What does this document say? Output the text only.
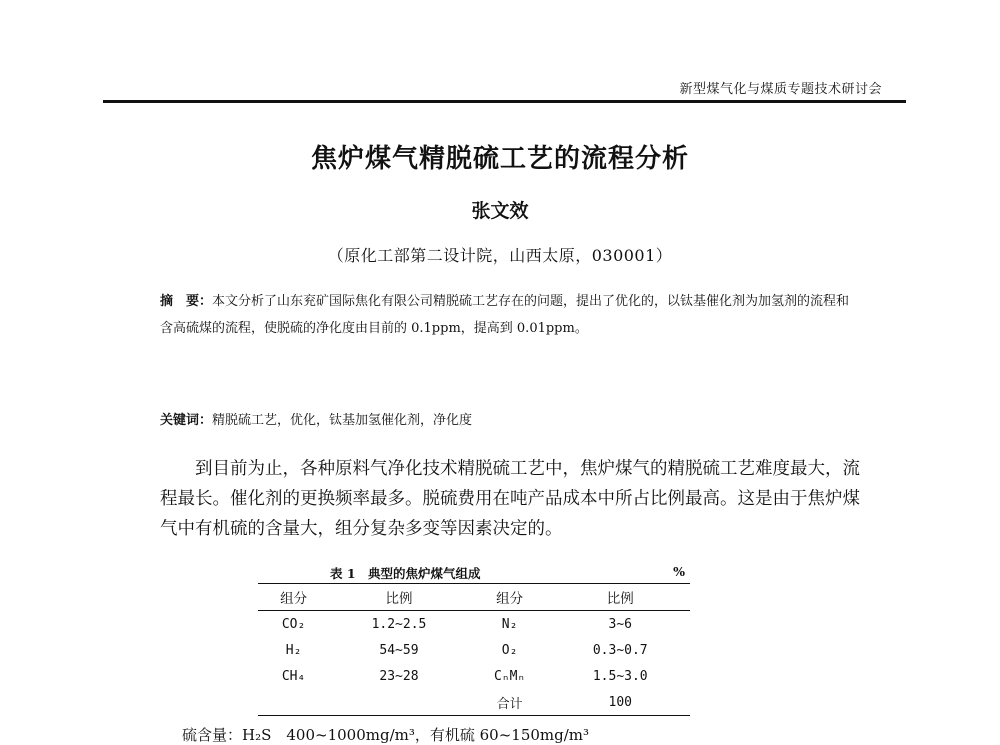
新型煤气化与煤质专题技术研讨会
焦炉煤气精脱硫工艺的流程分析
张文效
（原化工部第二设计院，山西太原，030001）
摘　要：本文分析了山东兖矿国际焦化有限公司精脱硫工艺存在的问题，提出了优化的，以钛基催化剂为加氢剂的流程和含高硫煤的流程，使脱硫的净化度由目前的 0.1ppm，提高到 0.01ppm。
关键词：精脱硫工艺，优化，钛基加氢催化剂，净化度
到目前为止，各种原料气净化技术精脱硫工艺中，焦炉煤气的精脱硫工艺难度最大，流程最长。催化剂的更换频率最多。脱硫费用在吨产品成本中所占比例最高。这是由于焦炉煤气中有机硫的含量大，组分复杂多变等因素决定的。
表 1　典型的焦炉煤气组成	%
组分	比例	组分	比例
CO₂	1.2~2.5	N₂	3~6
H₂	54~59	O₂	0.3~0.7
CH₄	23~28	CₙMₙ	1.5~3.0
		合计	100
硫含量：H₂S　400~1000mg/m³，有机硫 60~150mg/m³
